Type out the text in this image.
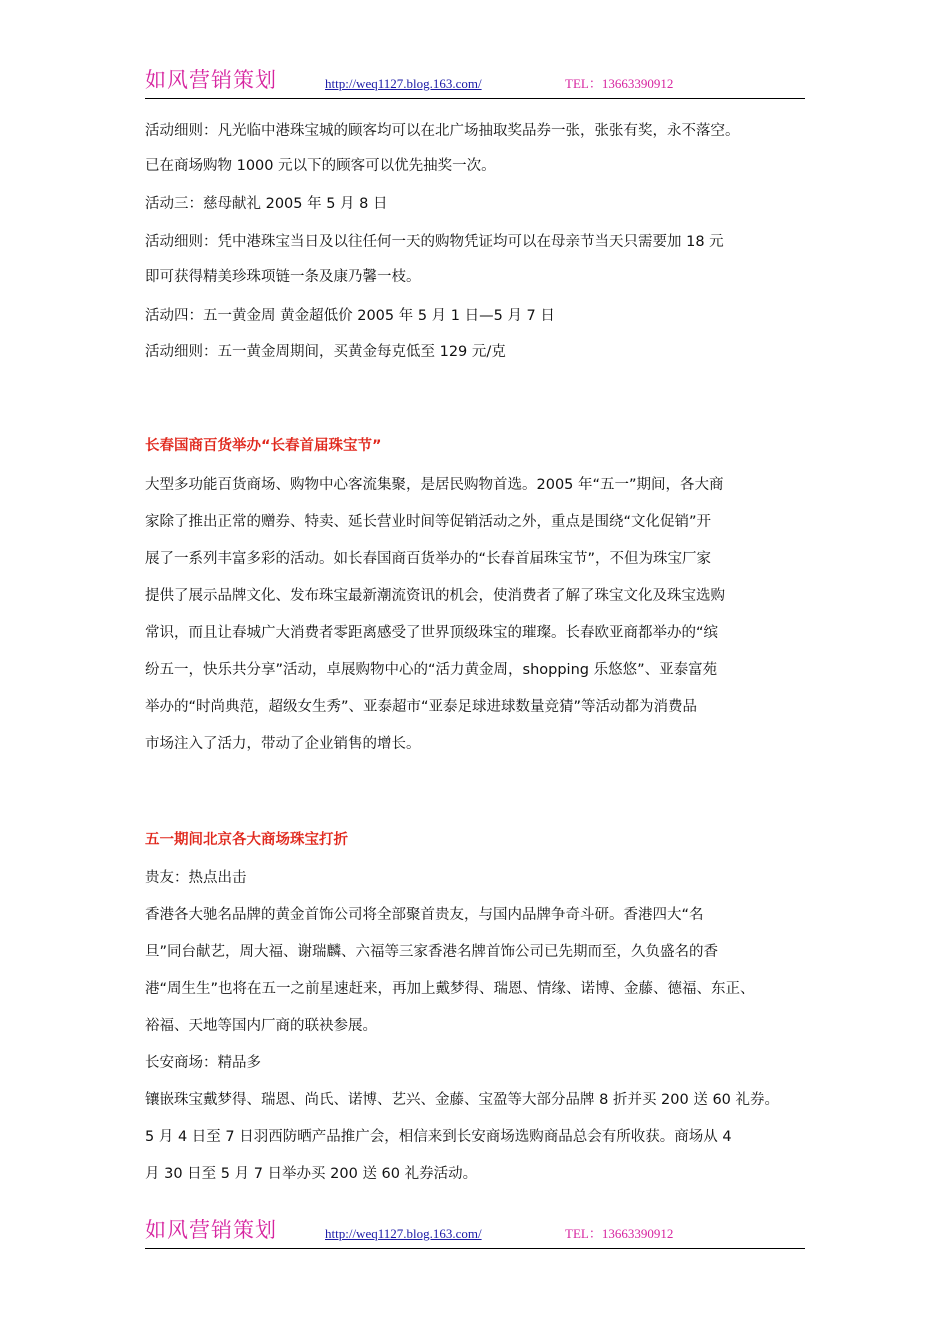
如风营销策划	http://weq1127.blog.163.com/	TEL：13663390912
活动细则：凡光临中港珠宝城的顾客均可以在北广场抽取奖品券一张，张张有奖，永不落空。
已在商场购物 1000 元以下的顾客可以优先抽奖一次。
活动三：慈母献礼 2005 年 5 月 8 日
活动细则：凭中港珠宝当日及以往任何一天的购物凭证均可以在母亲节当天只需要加 18 元
即可获得精美珍珠项链一条及康乃馨一枝。
活动四：五一黄金周 黄金超低价 2005 年 5 月 1 日—5 月 7 日
活动细则：五一黄金周期间，买黄金每克低至 129 元/克
长春国商百货举办“长春首届珠宝节”
大型多功能百货商场、购物中心客流集聚，是居民购物首选。2005 年“五一”期间，各大商
家除了推出正常的赠券、特卖、延长营业时间等促销活动之外，重点是围绕“文化促销”开
展了一系列丰富多彩的活动。如长春国商百货举办的“长春首届珠宝节”，不但为珠宝厂家
提供了展示品牌文化、发布珠宝最新潮流资讯的机会，使消费者了解了珠宝文化及珠宝选购
常识，而且让春城广大消费者零距离感受了世界顶级珠宝的璀璨。长春欧亚商都举办的“缤
纷五一，快乐共分享”活动，卓展购物中心的“活力黄金周，shopping 乐悠悠”、亚泰富苑
举办的“时尚典范，超级女生秀”、亚泰超市“亚泰足球进球数量竞猜”等活动都为消费品
市场注入了活力，带动了企业销售的增长。
五一期间北京各大商场珠宝打折
贵友：热点出击
香港各大驰名品牌的黄金首饰公司将全部聚首贵友，与国内品牌争奇斗研。香港四大“名
旦”同台献艺，周大福、谢瑞麟、六福等三家香港名牌首饰公司已先期而至，久负盛名的香
港“周生生”也将在五一之前星速赶来，再加上戴梦得、瑞恩、情缘、诺博、金藤、德福、东正、
裕福、天地等国内厂商的联袂参展。
长安商场：精品多
镶嵌珠宝戴梦得、瑞恩、尚氏、诺博、艺兴、金藤、宝盈等大部分品牌 8 折并买 200 送 60 礼券。
5 月 4 日至 7 日羽西防晒产品推广会，相信来到长安商场选购商品总会有所收获。商场从 4
月 30 日至 5 月 7 日举办买 200 送 60 礼券活动。
如风营销策划	http://weq1127.blog.163.com/	TEL：13663390912
